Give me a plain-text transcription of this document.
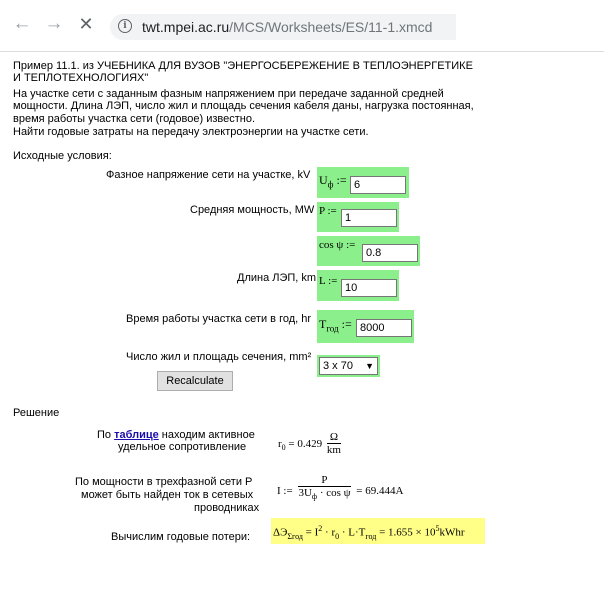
← → ✕	i	twt.mpei.ac.ru/MCS/Worksheets/ES/11-1.xmcd
Пример 11.1. из УЧЕБНИКА ДЛЯ ВУЗОВ "ЭНЕРГОСБЕРЕЖЕНИЕ В ТЕПЛОЭНЕРГЕТИКЕ
И ТЕПЛОТЕХНОЛОГИЯХ"
На участке сети с заданным фазным напряжением при передаче заданной средней
мощности. Длина ЛЭП, число жил и площадь сечения кабеля даны, нагрузка постоянная,
время работы участка сети (годовое) известно.
Найти годовые затраты на передачу электроэнергии на участке сети.
Исходные условия:
Фазное напряжение сети на участке, kV $U_ф$ := 6
Средняя мощность, MW P :=
1
cos ψ :=
0.8
Длина ЛЭП, km L :=
10
Время работы участка сети в год, hr $T_{год}$ := 8000
Число жил и площадь сечения, mm²
3 x 70 ▼
Recalculate
Решение
По таблице находим активное
удельное сопротивление	$r_0 = 0.429 \frac{\Omega}{km}$
По мощности в трехфазной сети Р
может быть найден ток в сетевых
проводниках
I :=
P
$3U_ф \cdot \cos \psi = 69.444A$
Вычислим годовые потери: $\Delta Э_{\Sigma год} = I^2 \cdot r_0 \cdot L\cdot T_{год} = 1.655$ × $10^5kWhr$
